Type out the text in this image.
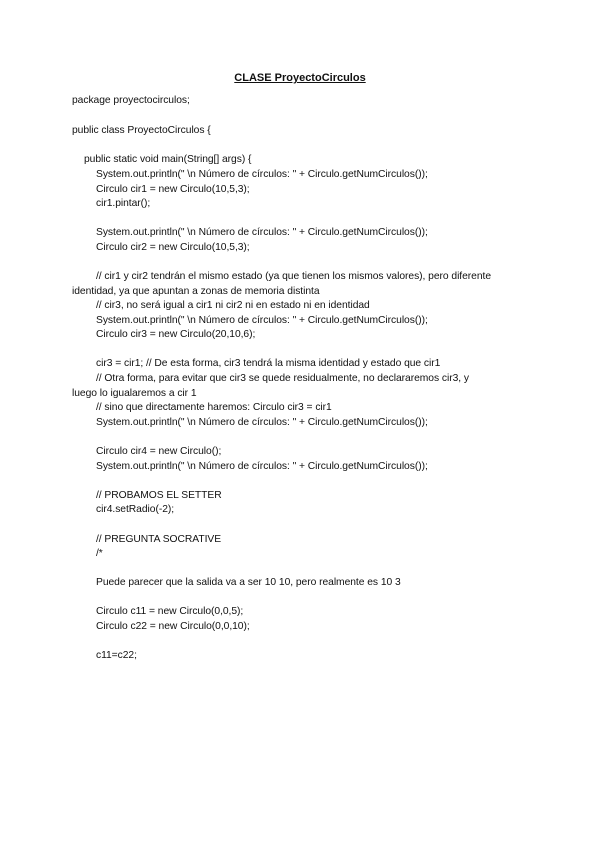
CLASE ProyectoCirculos
package proyectocirculos;
public class ProyectoCirculos {
public static void main(String[] args) {
System.out.println(" \n Número de círculos: " + Circulo.getNumCirculos());
Circulo cir1 = new Circulo(10,5,3);
cir1.pintar();
System.out.println(" \n Número de círculos: " + Circulo.getNumCirculos());
Circulo cir2 = new Circulo(10,5,3);
// cir1 y cir2 tendrán el mismo estado (ya que tienen los mismos valores), pero diferente
identidad, ya que apuntan a zonas de memoria distinta
// cir3, no será igual a cir1 ni cir2 ni en estado ni en identidad
System.out.println(" \n Número de círculos: " + Circulo.getNumCirculos());
Circulo cir3 = new Circulo(20,10,6);
cir3 = cir1; // De esta forma, cir3 tendrá la misma identidad y estado que cir1
// Otra forma, para evitar que cir3 se quede residualmente, no declararemos cir3, y
luego lo igualaremos a cir 1
// sino que directamente haremos: Circulo cir3 = cir1
System.out.println(" \n Número de círculos: " + Circulo.getNumCirculos());
Circulo cir4 = new Circulo();
System.out.println(" \n Número de círculos: " + Circulo.getNumCirculos());
// PROBAMOS EL SETTER
cir4.setRadio(-2);
// PREGUNTA SOCRATIVE
/*
Puede parecer que la salida va a ser 10 10, pero realmente es 10 3
Circulo c11 = new Circulo(0,0,5);
Circulo c22 = new Circulo(0,0,10);
c11=c22;
